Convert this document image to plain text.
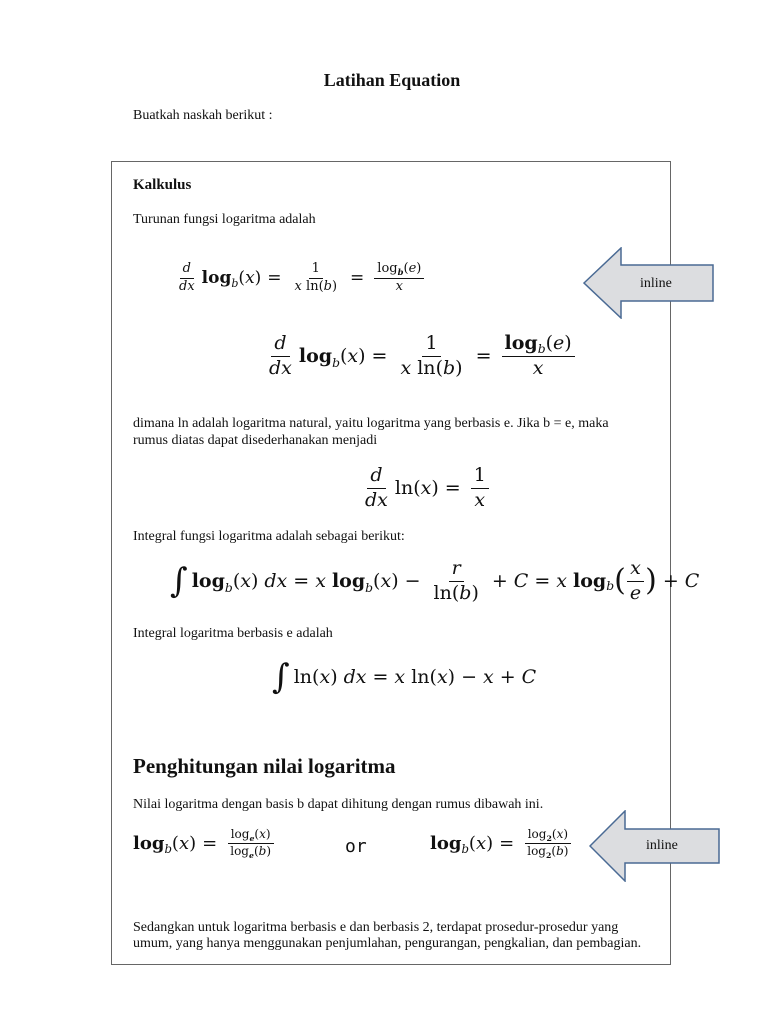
Latihan Equation
Buatkah naskah berikut :
Kalkulus
Turunan fungsi logaritma adalah
$\frac{d}{dx} \log_b(x) = \frac{1}{\text{x ln(b)}} = \frac{\log_b(e)}{x}$	inline
$\frac{d}{dx} \log_b(x) = \frac{1}{\text{x ln(b)}} = \frac{\log_b(e)}{x}$
dimana ln adalah logaritma natural, yaitu logaritma yang berbasis e. Jika b = e, maka
rumus diatas dapat disederhanakan menjadi
$\frac{d}{dx} \ln(x) = \frac{1}{x}$
Integral fungsi logaritma adalah sebagai berikut:
∫ $\log_b(x)$ dx = x
$\log_b(x) - \frac{r}{\ln(b)} + C = x$
log b ( $\frac{x}{e}$ ) + C
Integral logaritma berbasis e adalah
∫ ln(x) dx = x
ln ( x ) − x + C
Penghitungan nilai logaritma
Nilai logaritma dengan basis b dapat dihitung dengan rumus dibawah ini.
$\log_b(x) = \frac{\log_e(x)}{\log_e(b)}$	or	$\log_b(x) = \frac{\log_2(x)}{\log_2(b)}$	inline
Sedangkan untuk logaritma berbasis e dan berbasis 2, terdapat prosedur-prosedur yang
umum, yang hanya menggunakan penjumlahan, pengurangan, pengkalian, dan pembagian.
